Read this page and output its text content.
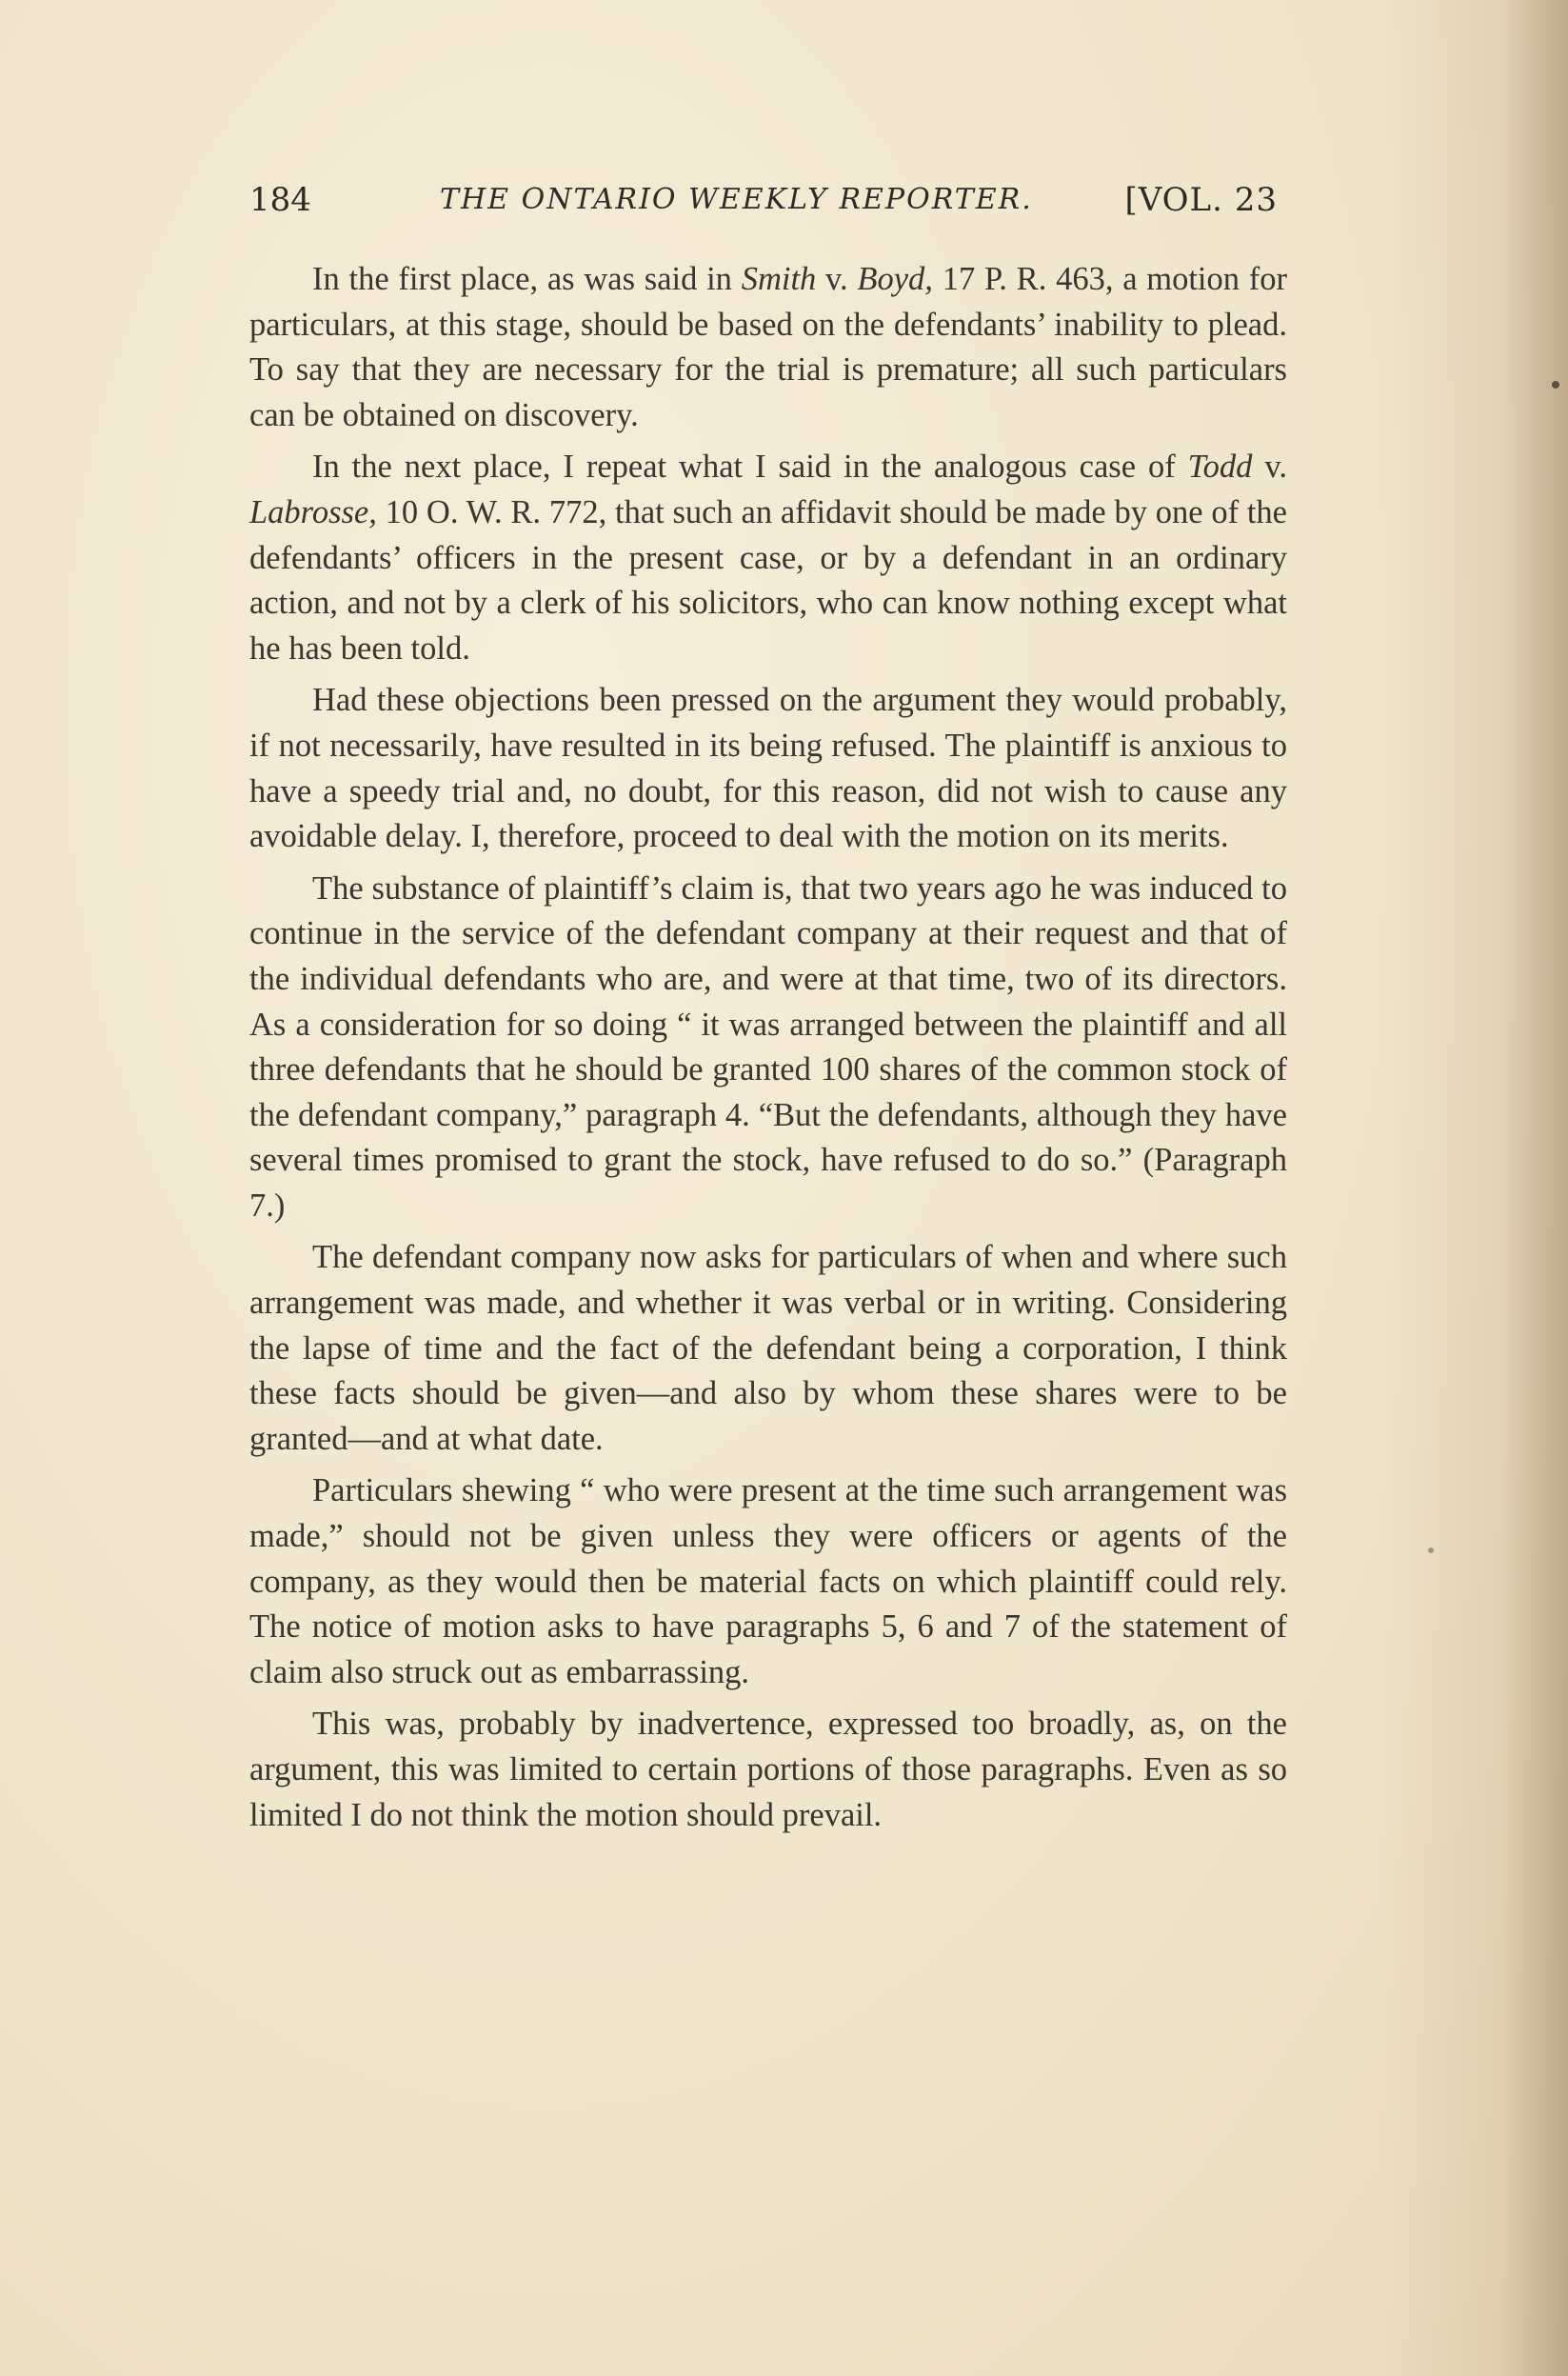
184	THE ONTARIO WEEKLY REPORTER.	[VOL. 23

In the first place, as was said in Smith v. Boyd, 17 P. R. 463, a motion for particulars, at this stage, should be based on the defendants’ inability to plead. To say that they are necessary for the trial is premature; all such particulars can be obtained on discovery.

In the next place, I repeat what I said in the analogous case of Todd v. Labrosse, 10 O. W. R. 772, that such an affidavit should be made by one of the defendants’ officers in the present case, or by a defendant in an ordinary action, and not by a clerk of his solicitors, who can know nothing except what he has been told.

Had these objections been pressed on the argument they would probably, if not necessarily, have resulted in its being refused. The plaintiff is anxious to have a speedy trial and, no doubt, for this reason, did not wish to cause any avoidable delay. I, therefore, proceed to deal with the motion on its merits.

The substance of plaintiff’s claim is, that two years ago he was induced to continue in the service of the defendant company at their request and that of the individual defendants who are, and were at that time, two of its directors. As a consideration for so doing “ it was arranged between the plaintiff and all three defendants that he should be granted 100 shares of the common stock of the defendant company,” paragraph 4. “But the defendants, although they have several times promised to grant the stock, have refused to do so.” (Paragraph 7.)

The defendant company now asks for particulars of when and where such arrangement was made, and whether it was verbal or in writing. Considering the lapse of time and the fact of the defendant being a corporation, I think these facts should be given—and also by whom these shares were to be granted—and at what date.

Particulars shewing “ who were present at the time such arrangement was made,” should not be given unless they were officers or agents of the company, as they would then be material facts on which plaintiff could rely. The notice of motion asks to have paragraphs 5, 6 and 7 of the statement of claim also struck out as embarrassing.

This was, probably by inadvertence, expressed too broadly, as, on the argument, this was limited to certain portions of those paragraphs. Even as so limited I do not think the motion should prevail.
